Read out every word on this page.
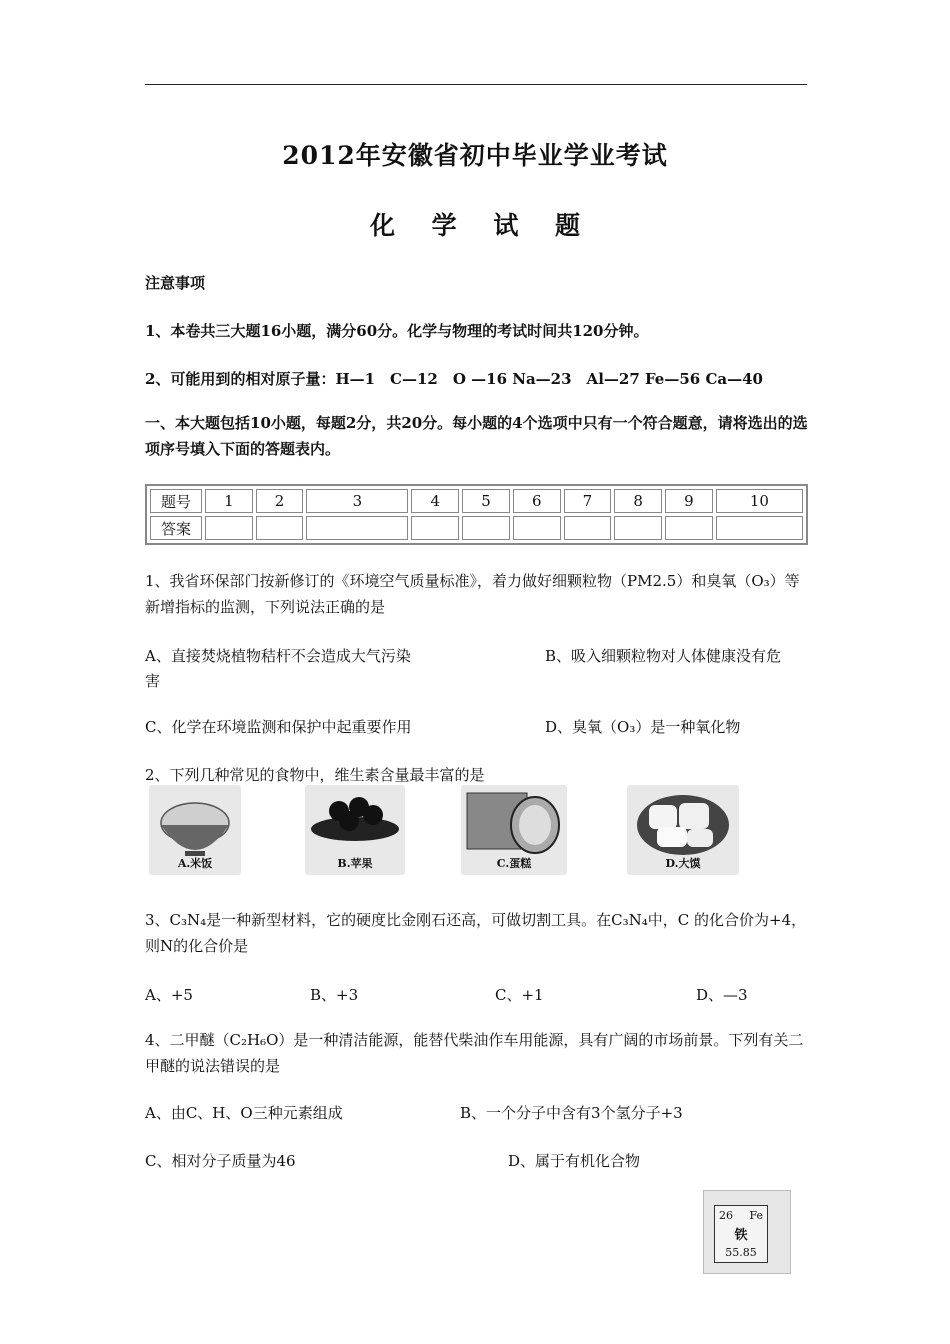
2012年安徽省初中毕业学业考试
化 学 试 题
注意事项
1、本卷共三大题16小题，满分60分。化学与物理的考试时间共120分钟。
2、可能用到的相对原子量：H—1　C—12　O —16 Na—23　Al—27 Fe—56 Ca—40
一、本大题包括10小题，每题2分，共20分。每小题的4个选项中只有一个符合题意，请将选出的选项序号填入下面的答题表内。
题号	1	2	3	4	5	6	7	8	9	10
答案										
1、我省环保部门按新修订的《环境空气质量标准》，着力做好细颗粒物（PM2.5）和臭氧（O₃）等新增指标的监测，下列说法正确的是
A、直接焚烧植物秸杆不会造成大气污染	B、吸入细颗粒物对人体健康没有危
害
C、化学在环境监测和保护中起重要作用	D、臭氧（O₃）是一种氧化物
2、下列几种常见的食物中，维生素含量最丰富的是
A.米饭	B.苹果	C.蛋糕	D.大馍
3、C₃N₄是一种新型材料，它的硬度比金刚石还高，可做切割工具。在C₃N₄中，C 的化合价为+4，则N的化合价是
A、+5	B、+3	C、+1	D、—3
4、二甲醚（C₂H₆O）是一种清洁能源，能替代柴油作车用能源，具有广阔的市场前景。下列有关二甲醚的说法错误的是
A、由C、H、O三种元素组成	B、一个分子中含有3个氢分子+3
C、相对分子质量为46	D、属于有机化合物
26 Fe
铁
55.85
